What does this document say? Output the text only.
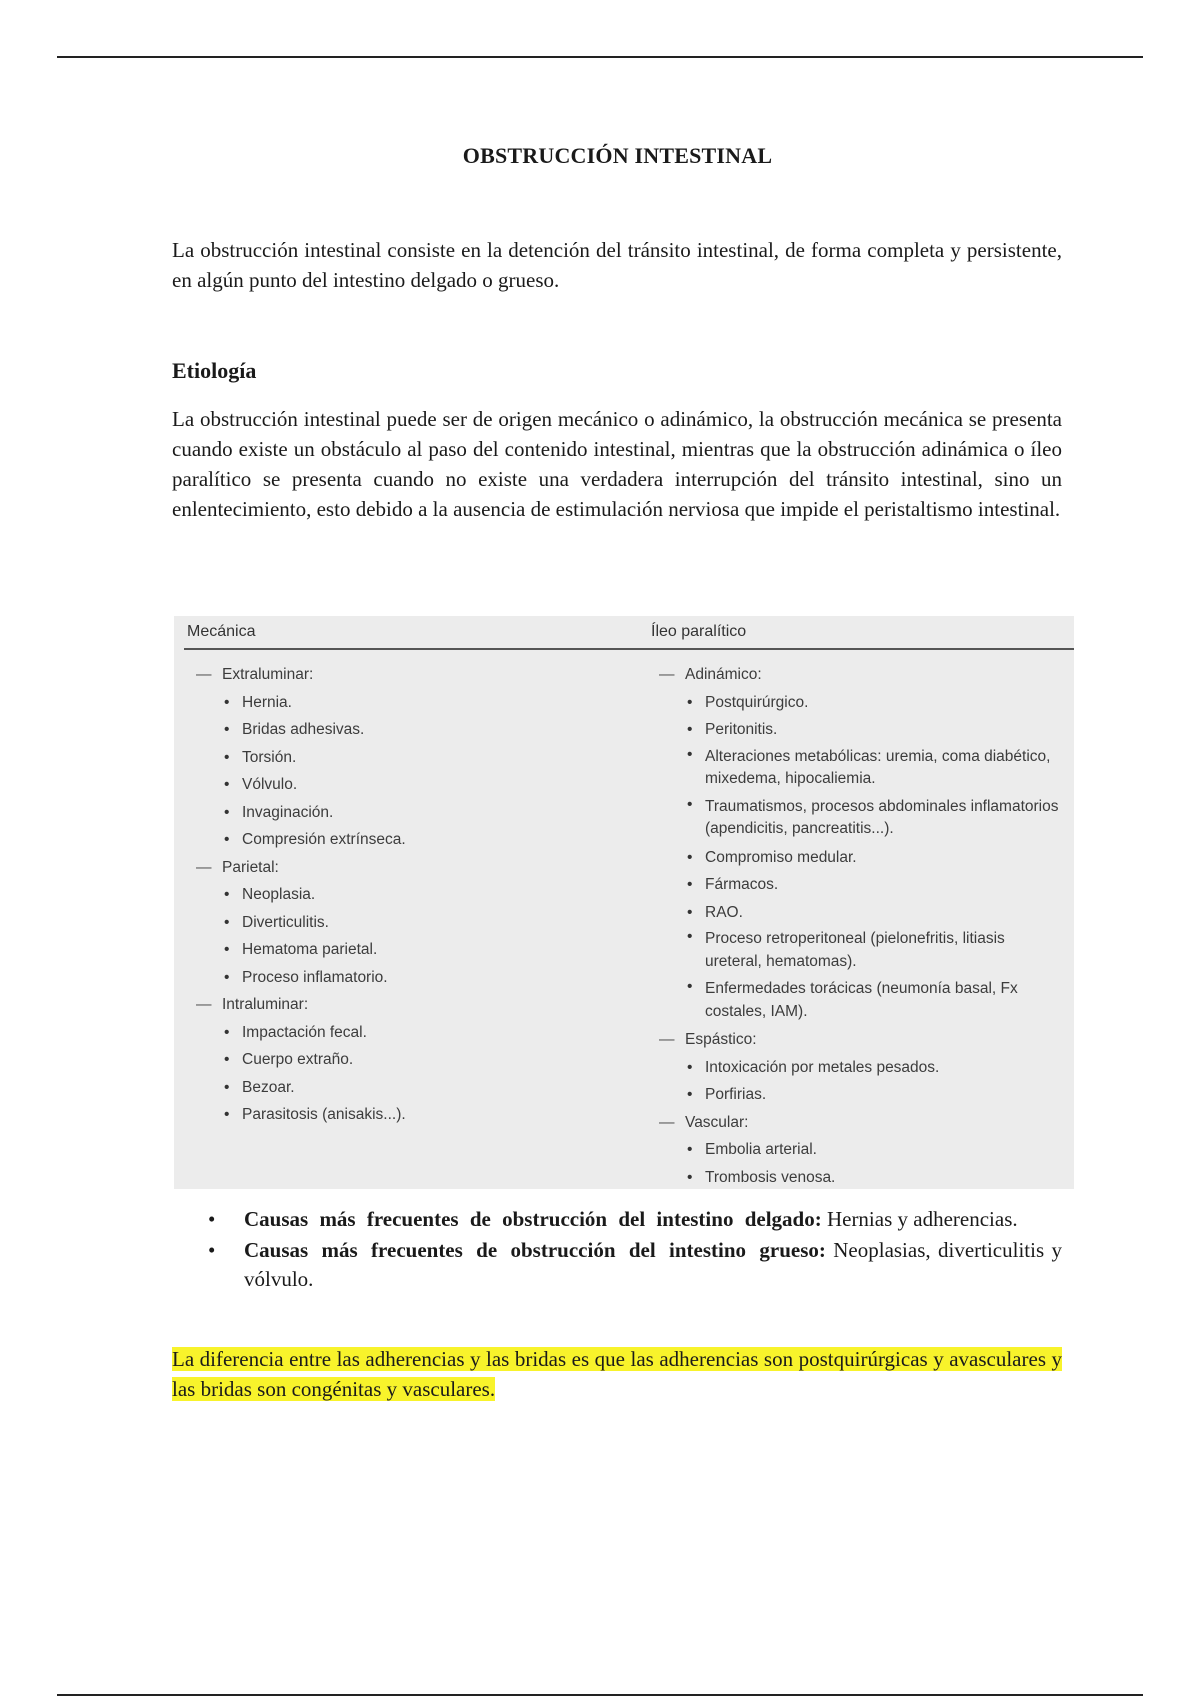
OBSTRUCCIÓN INTESTINAL

La obstrucción intestinal consiste en la detención del tránsito intestinal, de forma completa y persistente, en algún punto del intestino delgado o grueso.

Etiología

La obstrucción intestinal puede ser de origen mecánico o adinámico, la obstrucción mecánica se presenta cuando existe un obstáculo al paso del contenido intestinal, mientras que la obstrucción adinámica o íleo paralítico se presenta cuando no existe una verdadera interrupción del tránsito intestinal, sino un enlentecimiento, esto debido a la ausencia de estimulación nerviosa que impide el peristaltismo intestinal.

Mecánica	Íleo paralítico
— Extraluminar:
• Hernia.
• Bridas adhesivas.
• Torsión.
• Vólvulo.
• Invaginación.
• Compresión extrínseca.
— Parietal:
• Neoplasia.
• Diverticulitis.
• Hematoma parietal.
• Proceso inflamatorio.
— Intraluminar:
• Impactación fecal.
• Cuerpo extraño.
• Bezoar.
• Parasitosis (anisakis...).
— Adinámico:
• Postquirúrgico.
• Peritonitis.
• Alteraciones metabólicas: uremia, coma diabético, mixedema, hipocaliemia.
• Traumatismos, procesos abdominales inflamatorios (apendicitis, pancreatitis...).
• Compromiso medular.
• Fármacos.
• RAO.
• Proceso retroperitoneal (pielonefritis, litiasis ureteral, hematomas).
• Enfermedades torácicas (neumonía basal, Fx costales, IAM).
— Espástico:
• Intoxicación por metales pesados.
• Porfirias.
— Vascular:
• Embolia arterial.
• Trombosis venosa.
• Causas más frecuentes de obstrucción del intestino delgado: Hernias y adherencias.
• Causas más frecuentes de obstrucción del intestino grueso: Neoplasias, diverticulitis y vólvulo.

La diferencia entre las adherencias y las bridas es que las adherencias son postquirúrgicas y avasculares y las bridas son congénitas y vasculares.
